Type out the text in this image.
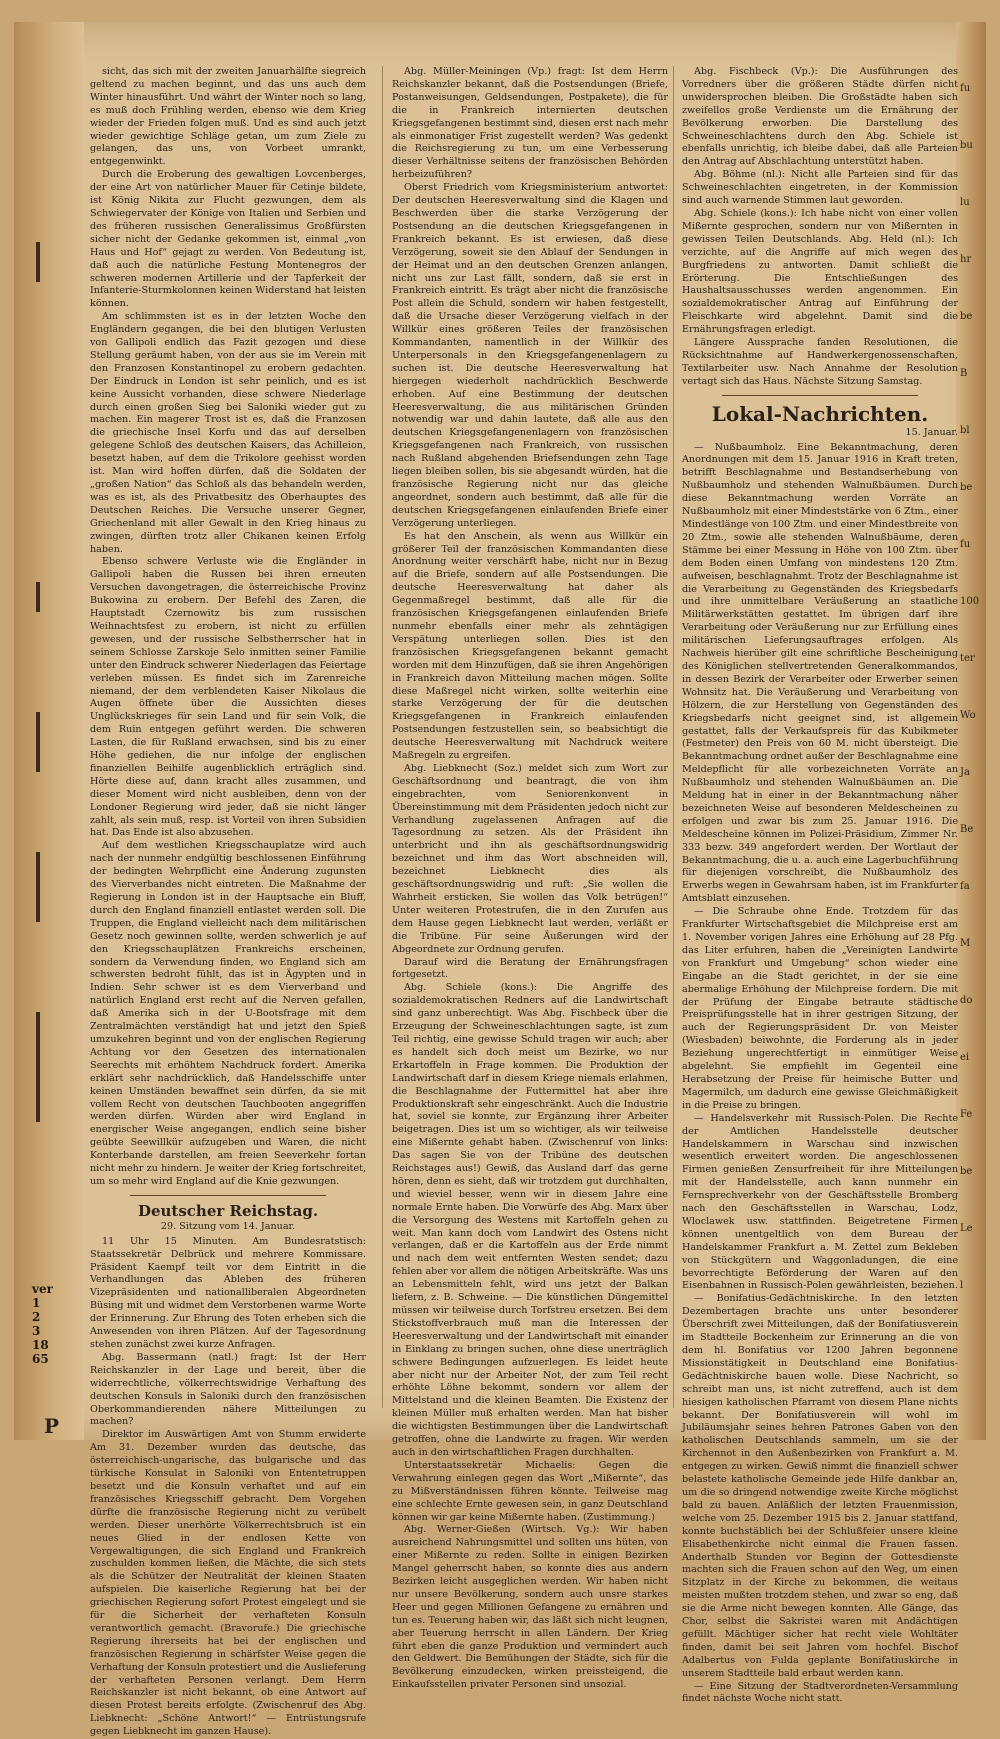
ver
1
2
3
18
65
P

sicht, das sich mit der zweiten Januarhälfte siegreich geltend zu machen beginnt, und das uns auch dem Winter hinausführt. Und währt der Winter noch so lang, es muß doch Frühling werden, ebenso wie dem Krieg wieder der Frieden folgen muß. Und es sind auch jetzt wieder gewichtige Schläge getan, um zum Ziele zu gelangen, das uns, von Vorbeet umrankt, entgegenwinkt.

Durch die Eroberung des gewaltigen Lovcenberges, der eine Art von natürlicher Mauer für Cetinje bildete, ist König Nikita zur Flucht gezwungen, dem als Schwiegervater der Könige von Italien und Serbien und des früheren russischen Generalissimus Großfürsten sicher nicht der Gedanke gekommen ist, einmal „von Haus und Hof“ gejagt zu werden. Von Bedeutung ist, daß auch die natürliche Festung Montenegros der schweren modernen Artillerie und der Tapferkeit der Infanterie-Sturmkolonnen keinen Widerstand hat leisten können.

Am schlimmsten ist es in der letzten Woche den Engländern gegangen, die bei den blutigen Verlusten von Gallipoli endlich das Fazit gezogen und diese Stellung geräumt haben, von der aus sie im Verein mit den Franzosen Konstantinopel zu erobern gedachten. Der Eindruck in London ist sehr peinlich, und es ist keine Aussicht vorhanden, diese schwere Niederlage durch einen großen Sieg bei Saloniki wieder gut zu machen. Ein magerer Trost ist es, daß die Franzosen die griechische Insel Korfu und das auf derselben gelegene Schloß des deutschen Kaisers, das Achilleion, besetzt haben, auf dem die Trikolore geehisst worden ist. Man wird hoffen dürfen, daß die Soldaten der „großen Nation“ das Schloß als das behandeln werden, was es ist, als des Privatbesitz des Oberhauptes des Deutschen Reiches. Die Versuche unserer Gegner, Griechenland mit aller Gewalt in den Krieg hinaus zu zwingen, dürften trotz aller Chikanen keinen Erfolg haben.

Ebenso schwere Verluste wie die Engländer in Gallipoli haben die Russen bei ihren erneuten Versuchen davongetragen, die österreichische Provinz Bukowina zu erobern. Der Befehl des Zaren, die Hauptstadt Czernowitz bis zum russischen Weihnachtsfest zu erobern, ist nicht zu erfüllen gewesen, und der russische Selbstherrscher hat in seinem Schlosse Zarskoje Selo inmitten seiner Familie unter den Eindruck schwerer Niederlagen das Feiertage verleben müssen. Es findet sich im Zarenreiche niemand, der dem verblendeten Kaiser Nikolaus die Augen öffnete über die Aussichten dieses Unglückskrieges für sein Land und für sein Volk, die dem Ruin entgegen geführt werden. Die schweren Lasten, die für Rußland erwachsen, sind bis zu einer Höhe gediehen, die nur infolge der englischen finanziellen Beihilfe augenblicklich erträglich sind. Hörte diese auf, dann kracht alles zusammen, und dieser Moment wird nicht ausbleiben, denn von der Londoner Regierung wird jeder, daß sie nicht länger zahlt, als sein muß, resp. ist Vorteil von ihren Subsidien hat. Das Ende ist also abzusehen.

Auf dem westlichen Kriegsschauplatze wird auch nach der nunmehr endgültig beschlossenen Einführung der bedingten Wehrpflicht eine Änderung zugunsten des Vierverbandes nicht eintreten. Die Maßnahme der Regierung in London ist in der Hauptsache ein Bluff, durch den England finanziell entlastet werden soll. Die Truppen, die England vielleicht nach dem militärischen Gesetz noch gewinnen sollte, werden schwerlich je auf den Kriegsschauplätzen Frankreichs erscheinen, sondern da Verwendung finden, wo England sich am schwersten bedroht fühlt, das ist in Ägypten und in Indien. Sehr schwer ist es dem Vierverband und natürlich England erst recht auf die Nerven gefallen, daß Amerika sich in der U-Bootsfrage mit dem Zentralmächten verständigt hat und jetzt den Spieß umzukehren beginnt und von der englischen Regierung Achtung vor den Gesetzen des internationalen Seerechts mit erhöhtem Nachdruck fordert. Amerika erklärt sehr nachdrücklich, daß Handelsschiffe unter keinen Umständen bewaffnet sein dürfen, da sie mit vollem Recht von deutschen Tauchbooten angegriffen werden dürfen. Würden aber wird England in energischer Weise angegangen, endlich seine bisher geübte Seewillkür aufzugeben und Waren, die nicht Konterbande darstellen, am freien Seeverkehr fortan nicht mehr zu hindern. Je weiter der Krieg fortschreitet, um so mehr wird England auf die Knie gezwungen.

Deutscher Reichstag.
29. Sitzung vom 14. Januar.

11 Uhr 15 Minuten. Am Bundesratstisch: Staatssekretär Delbrück und mehrere Kommissare. Präsident Kaempf teilt vor dem Eintritt in die Verhandlungen das Ableben des früheren Vizepräsidenten und nationalliberalen Abgeordneten Büsing mit und widmet dem Verstorbenen warme Worte der Erinnerung. Zur Ehrung des Toten erheben sich die Anwesenden von ihren Plätzen. Auf der Tagesordnung stehen zunächst zwei kurze Anfragen.

Abg. Bassermann (natl.) fragt: Ist der Herr Reichskanzler in der Lage und bereit, über die widerrechtliche, völkerrechtswidrige Verhaftung des deutschen Konsuls in Saloniki durch den französischen Oberkommandierenden nähere Mitteilungen zu machen?

Direktor im Auswärtigen Amt von Stumm erwiderte Am 31. Dezember wurden das deutsche, das österreichisch-ungarische, das bulgarische und das türkische Konsulat in Saloniki von Ententetruppen besetzt und die Konsuln verhaftet und auf ein französisches Kriegsschiff gebracht. Dem Vorgehen dürfte die französische Regierung nicht zu verübelt werden. Dieser unerhörte Völkerrechtsbruch ist ein neues Glied in der endlosen Kette von Vergewaltigungen, die sich England und Frankreich zuschulden kommen ließen, die Mächte, die sich stets als die Schützer der Neutralität der kleinen Staaten aufspielen. Die kaiserliche Regierung hat bei der griechischen Regierung sofort Protest eingelegt und sie für die Sicherheit der verhafteten Konsuln verantwortlich gemacht. (Bravorufe.) Die griechische Regierung ihrerseits hat bei der englischen und französischen Regierung in schärfster Weise gegen die Verhaftung der Konsuln protestiert und die Auslieferung der verhafteten Personen verlangt. Dem Herrn Reichskanzler ist nicht bekannt, ob eine Antwort auf diesen Protest bereits erfolgte. (Zwischenruf des Abg. Liebknecht: „Schöne Antwort!“ — Entrüstungsrufe gegen Liebknecht im ganzen Hause).

Abg. Müller-Meiningen (Vp.) fragt: Ist dem Herrn Reichskanzler bekannt, daß die Postsendungen (Briefe, Postanweisungen, Geldsendungen, Postpakete), die für die in Frankreich internierten deutschen Kriegsgefangenen bestimmt sind, diesen erst nach mehr als einmonatiger Frist zugestellt werden? Was gedenkt die Reichsregierung zu tun, um eine Verbesserung dieser Verhältnisse seitens der französischen Behörden herbeizuführen?

Oberst Friedrich vom Kriegsministerium antwortet: Der deutschen Heeresverwaltung sind die Klagen und Beschwerden über die starke Verzögerung der Postsendung an die deutschen Kriegsgefangenen in Frankreich bekannt. Es ist erwiesen, daß diese Verzögerung, soweit sie den Ablauf der Sendungen in der Heimat und an den deutschen Grenzen anlangen, nicht uns zur Last fällt, sondern, daß sie erst in Frankreich eintritt. Es trägt aber nicht die französische Post allein die Schuld, sondern wir haben festgestellt, daß die Ursache dieser Verzögerung vielfach in der Willkür eines größeren Teiles der französischen Kommandanten, namentlich in der Willkür des Unterpersonals in den Kriegsgefangenenlagern zu suchen ist. Die deutsche Heeresverwaltung hat hiergegen wiederholt nachdrücklich Beschwerde erhoben. Auf eine Bestimmung der deutschen Heeresverwaltung, die aus militärischen Gründen notwendig war und dahin lautete, daß alle aus den deutschen Kriegsgefangenenlagern von französischen Kriegsgefangenen nach Frankreich, von russischen nach Rußland abgehenden Briefsendungen zehn Tage liegen bleiben sollen, bis sie abgesandt würden, hat die französische Regierung nicht nur das gleiche angeordnet, sondern auch bestimmt, daß alle für die deutschen Kriegsgefangenen einlaufenden Briefe einer Verzögerung unterliegen.

Es hat den Anschein, als wenn aus Willkür ein größerer Teil der französischen Kommandanten diese Anordnung weiter verschärft habe, nicht nur in Bezug auf die Briefe, sondern auf alle Postsendungen. Die deutsche Heeresverwaltung hat daher als Gegenmaßregel bestimmt, daß alle für die französischen Kriegsgefangenen einlaufenden Briefe nunmehr ebenfalls einer mehr als zehntägigen Verspätung unterliegen sollen. Dies ist den französischen Kriegsgefangenen bekannt gemacht worden mit dem Hinzufügen, daß sie ihren Angehörigen in Frankreich davon Mitteilung machen mögen. Sollte diese Maßregel nicht wirken, sollte weiterhin eine starke Verzögerung der für die deutschen Kriegsgefangenen in Frankreich einlaufenden Postsendungen festzustellen sein, so beabsichtigt die deutsche Heeresverwaltung mit Nachdruck weitere Maßregeln zu ergreifen.

Abg. Liebknecht (Soz.) meldet sich zum Wort zur Geschäftsordnung und beantragt, die von ihm eingebrachten, vom Seniorenkonvent in Übereinstimmung mit dem Präsidenten jedoch nicht zur Verhandlung zugelassenen Anfragen auf die Tagesordnung zu setzen. Als der Präsident ihn unterbricht und ihn als geschäftsordnungswidrig bezeichnet und ihm das Wort abschneiden will, bezeichnet Liebknecht dies als geschäftsordnungswidrig und ruft: „Sie wollen die Wahrheit ersticken, Sie wollen das Volk betrügen!“ Unter weiteren Protestrufen, die in den Zurufen aus dem Hause gegen Liebknecht laut werden, verläßt er die Tribüne. Für seine Äußerungen wird der Abgeordnete zur Ordnung gerufen.

Darauf wird die Beratung der Ernährungsfragen fortgesetzt.

Abg. Schiele (kons.): Die Angriffe des sozialdemokratischen Redners auf die Landwirtschaft sind ganz unberechtigt. Was Abg. Fischbeck über die Erzeugung der Schweineschlachtungen sagte, ist zum Teil richtig, eine gewisse Schuld tragen wir auch; aber es handelt sich doch meist um Bezirke, wo nur Erkartoffeln in Frage kommen. Die Produktion der Landwirtschaft darf in diesem Kriege niemals erlahmen, die Beschlagnahme der Futtermittel hat aber ihre Produktionskraft sehr eingeschränkt. Auch die Industrie hat, soviel sie konnte, zur Ergänzung ihrer Arbeiter beigetragen. Dies ist um so wichtiger, als wir teilweise eine Mißernte gehabt haben. (Zwischenruf von links: Das sagen Sie von der Tribüne des deutschen Reichstages aus!) Gewiß, das Ausland darf das gerne hören, denn es sieht, daß wir trotzdem gut durchhalten, und wieviel besser, wenn wir in diesem Jahre eine normale Ernte haben. Die Vorwürfe des Abg. Marx über die Versorgung des Westens mit Kartoffeln gehen zu weit. Man kann doch vom Landwirt des Ostens nicht verlangen, daß er die Kartoffeln aus der Erde nimmt und nach dem weit entfernten Westen sendet; dazu fehlen aber vor allem die nötigen Arbeitskräfte. Was uns an Lebensmitteln fehlt, wird uns jetzt der Balkan liefern, z. B. Schweine. — Die künstlichen Düngemittel müssen wir teilweise durch Torfstreu ersetzen. Bei dem Stickstoffverbrauch muß man die Interessen der Heeresverwaltung und der Landwirtschaft mit einander in Einklang zu bringen suchen, ohne diese unerträglich schwere Bedingungen aufzuerlegen. Es leidet heute aber nicht nur der Arbeiter Not, der zum Teil recht erhöhte Löhne bekommt, sondern vor allem der Mittelstand und die kleinen Beamten. Die Existenz der kleinen Müller muß erhalten werden. Man hat bisher die wichtigsten Bestimmungen über die Landwirtschaft getroffen, ohne die Landwirte zu fragen. Wir werden auch in den wirtschaftlichen Fragen durchhalten.

Unterstaatssekretär Michaelis: Gegen die Verwahrung einlegen gegen das Wort „Mißernte“, das zu Mißverständnissen führen könnte. Teilweise mag eine schlechte Ernte gewesen sein, in ganz Deutschland können wir gar keine Mißernte haben. (Zustimmung.)

Abg. Werner-Gießen (Wirtsch. Vg.): Wir haben ausreichend Nahrungsmittel und sollten uns hüten, von einer Mißernte zu reden. Sollte in einigen Bezirken Mangel geherrscht haben, so konnte dies aus andern Bezirken leicht ausgeglichen werden. Wir haben nicht nur unsere Bevölkerung, sondern auch unsre starkes Heer und gegen Millionen Gefangene zu ernähren und tun es. Teuerung haben wir, das läßt sich nicht leugnen, aber Teuerung herrscht in allen Ländern. Der Krieg führt eben die ganze Produktion und vermindert auch den Geldwert. Die Bemühungen der Städte, sich für die Bevölkerung einzudecken, wirken preissteigend, die Einkaufsstellen privater Personen sind unsozial.

Abg. Fischbeck (Vp.): Die Ausführungen des Vorredners über die größeren Städte dürfen nicht unwidersprochen bleiben. Die Großstädte haben sich zweifellos große Verdienste um die Ernährung der Bevölkerung erworben. Die Darstellung des Schweineschlachtens durch den Abg. Schiele ist ebenfalls unrichtig, ich bleibe dabei, daß alle Parteien den Antrag auf Abschlachtung unterstützt haben.

Abg. Böhme (nl.): Nicht alle Parteien sind für das Schweineschlachten eingetreten, in der Kommission sind auch warnende Stimmen laut geworden.

Abg. Schiele (kons.): Ich habe nicht von einer vollen Mißernte gesprochen, sondern nur von Mißernten in gewissen Teilen Deutschlands. Abg. Held (nl.): Ich verzichte, auf die Angriffe auf mich wegen des Burgfriedens zu antworten. Damit schließt die Erörterung. Die Entschließungen des Haushaltsausschusses werden angenommen. Ein sozialdemokratischer Antrag auf Einführung der Fleischkarte wird abgelehnt. Damit sind die Ernährungsfragen erledigt.

Längere Aussprache fanden Resolutionen, die Rücksichtnahme auf Handwerkergenossenschaften, Textilarbeiter usw. Nach Annahme der Resolution vertagt sich das Haus. Nächste Sitzung Samstag.

Lokal-Nachrichten.
15. Januar.

— Nußbaumholz. Eine Bekanntmachung, deren Anordnungen mit dem 15. Januar 1916 in Kraft treten, betrifft Beschlagnahme und Bestandserhebung von Nußbaumholz und stehenden Walnußbäumen. Durch diese Bekanntmachung werden Vorräte an Nußbaumholz mit einer Mindeststärke von 6 Ztm., einer Mindestlänge von 100 Ztm. und einer Mindestbreite von 20 Ztm., sowie alle stehenden Walnußbäume, deren Stämme bei einer Messung in Höhe von 100 Ztm. über dem Boden einen Umfang von mindestens 120 Ztm. aufweisen, beschlagnahmt. Trotz der Beschlagnahme ist die Verarbeitung zu Gegenständen des Kriegsbedarfs und ihre unmittelbare Veräußerung an staatliche Militärwerkstätten gestattet. Im übrigen darf ihre Verarbeitung oder Veräußerung nur zur Erfüllung eines militärischen Lieferungsauftrages erfolgen. Als Nachweis hierüber gilt eine schriftliche Bescheinigung des Königlichen stellvertretenden Generalkommandos, in dessen Bezirk der Verarbeiter oder Erwerber seinen Wohnsitz hat. Die Veräußerung und Verarbeitung von Hölzern, die zur Herstellung von Gegenständen des Kriegsbedarfs nicht geeignet sind, ist allgemein gestattet, falls der Verkaufspreis für das Kubikmeter (Festmeter) den Preis von 60 M. nicht übersteigt. Die Bekanntmachung ordnet außer der Beschlagnahme eine Meldepflicht für alle vorbezeichneten Vorräte an Nußbaumholz und stehenden Walnußbäumen an. Die Meldung hat in einer in der Bekanntmachung näher bezeichneten Weise auf besonderen Meldescheinen zu erfolgen und zwar bis zum 25. Januar 1916. Die Meldescheine können im Polizei-Präsidium, Zimmer Nr. 333 bezw. 349 angefordert werden. Der Wortlaut der Bekanntmachung, die u. a. auch eine Lagerbuchführung für diejenigen vorschreibt, die Nußbaumholz des Erwerbs wegen in Gewahrsam haben, ist im Frankfurter Amtsblatt einzusehen.

— Die Schraube ohne Ende. Trotzdem für das Frankfurter Wirtschaftsgebiet die Milchpreise erst am 1. November vorigen Jahres eine Erhöhung auf 28 Pfg. das Liter erfuhren, haben die „Vereinigten Landwirte von Frankfurt und Umgebung“ schon wieder eine Eingabe an die Stadt gerichtet, in der sie eine abermalige Erhöhung der Milchpreise fordern. Die mit der Prüfung der Eingabe betraute städtische Preisprüfungsstelle hat in ihrer gestrigen Sitzung, der auch der Regierungspräsident Dr. von Meister (Wiesbaden) beiwohnte, die Forderung als in jeder Beziehung ungerechtfertigt in einmütiger Weise abgelehnt. Sie empfiehlt im Gegenteil eine Herabsetzung der Preise für heimische Butter und Magermilch, um dadurch eine gewisse Gleichmäßigkeit in die Preise zu bringen.

— Handelsverkehr mit Russisch-Polen. Die Rechte der Amtlichen Handelsstelle deutscher Handelskammern in Warschau sind inzwischen wesentlich erweitert worden. Die angeschlossenen Firmen genießen Zensurfreiheit für ihre Mitteilungen mit der Handelsstelle, auch kann nunmehr ein Fernsprechverkehr von der Geschäftsstelle Bromberg nach den Geschäftsstellen in Warschau, Lodz, Wloclawek usw. stattfinden. Beigetretene Firmen können unentgeltlich von dem Bureau der Handelskammer Frankfurt a. M. Zettel zum Bekleben von Stückgütern und Waggonladungen, die eine bevorrechtigte Beförderung der Waren auf den Eisenbahnen in Russisch-Polen gewährleisten, beziehen.

— Bonifatius-Gedächtniskirche. In den letzten Dezembertagen brachte uns unter besonderer Überschrift zwei Mitteilungen, daß der Bonifatiusverein im Stadtteile Bockenheim zur Erinnerung an die von dem hl. Bonifatius vor 1200 Jahren begonnene Missionstätigkeit in Deutschland eine Bonifatius-Gedächtniskirche bauen wolle. Diese Nachricht, so schreibt man uns, ist nicht zutreffend, auch ist dem hiesigen katholischen Pfarramt von diesem Plane nichts bekannt. Der Bonifatiusverein will wohl im Jubiläumsjahr seines hehren Patrones Gaben von den katholischen Deutschlands sammeln, um sie der Kirchennot in den Außenbezirken von Frankfurt a. M. entgegen zu wirken. Gewiß nimmt die finanziell schwer belastete katholische Gemeinde jede Hilfe dankbar an, um die so dringend notwendige zweite Kirche möglichst bald zu bauen. Anläßlich der letzten Frauenmission, welche vom 25. Dezember 1915 bis 2. Januar stattfand, konnte buchstäblich bei der Schlußfeier unsere kleine Elisabethenkirche nicht einmal die Frauen fassen. Anderthalb Stunden vor Beginn der Gottesdienste machten sich die Frauen schon auf den Weg, um einen Sitzplatz in der Kirche zu bekommen, die weitaus meisten mußten trotzdem stehen, und zwar so eng, daß sie die Arme nicht bewegen konnten. Alle Gänge, das Chor, selbst die Sakristei waren mit Andächtigen gefüllt. Mächtiger sicher hat recht viele Wohltäter finden, damit bei seit Jahren vom hochfel. Bischof Adalbertus von Fulda geplante Bonifatiuskirche in unserem Stadtteile bald erbaut werden kann.

— Eine Sitzung der Stadtverordneten-Versammlung findet nächste Woche nicht statt.

fu
bu
lu
hr
be
B
bl
be
fu
100
ter
Wo
Ja
Be
fa
M
do
ei
Fe
be
Le
l
